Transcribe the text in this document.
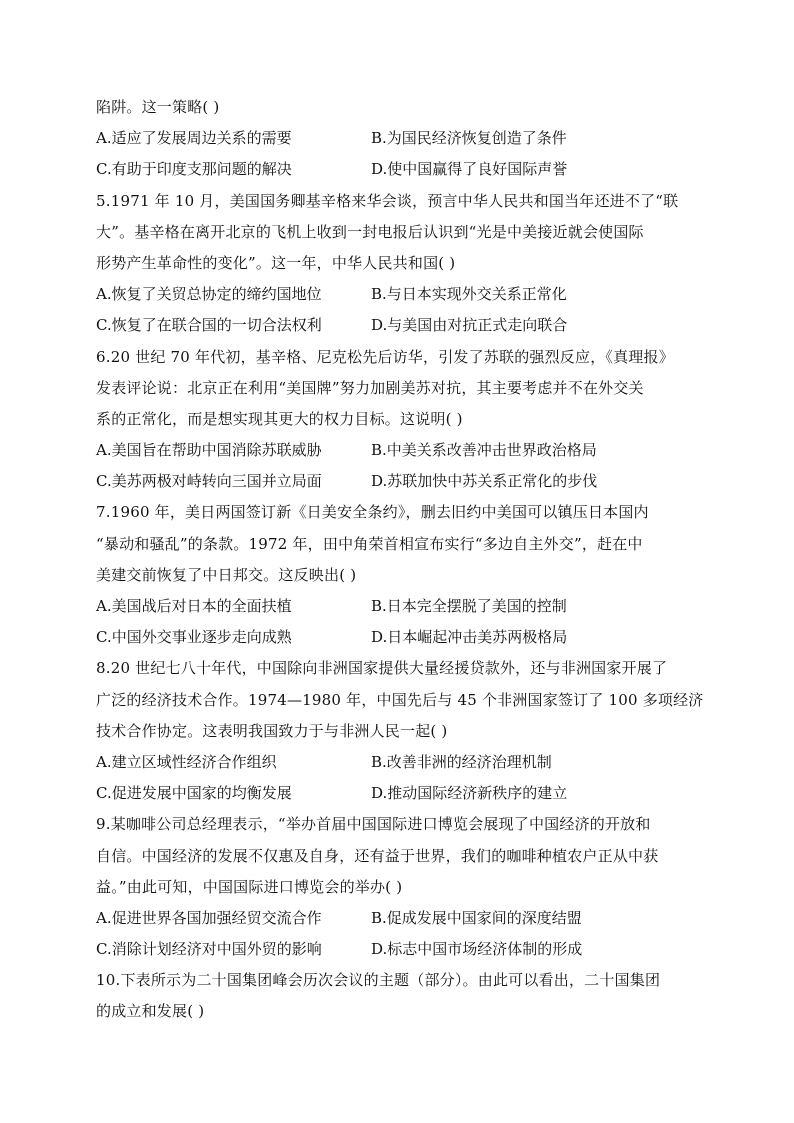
陷阱。这一策略( )
A.适应了发展周边关系的需要	B.为国民经济恢复创造了条件
C.有助于印度支那问题的解决	D.使中国赢得了良好国际声誉
5.1971 年 10 月，美国国务卿基辛格来华会谈，预言中华人民共和国当年还进不了“联
大”。基辛格在离开北京的飞机上收到一封电报后认识到“光是中美接近就会使国际
形势产生革命性的变化”。这一年，中华人民共和国( )
A.恢复了关贸总协定的缔约国地位	B.与日本实现外交关系正常化
C.恢复了在联合国的一切合法权利	D.与美国由对抗正式走向联合
6.20 世纪 70 年代初，基辛格、尼克松先后访华，引发了苏联的强烈反应，《真理报》
发表评论说：北京正在利用“美国牌”努力加剧美苏对抗，其主要考虑并不在外交关
系的正常化，而是想实现其更大的权力目标。这说明( )
A.美国旨在帮助中国消除苏联威胁	B.中美关系改善冲击世界政治格局
C.美苏两极对峙转向三国并立局面	D.苏联加快中苏关系正常化的步伐
7.1960 年，美日两国签订新《日美安全条约》，删去旧约中美国可以镇压日本国内
“暴动和骚乱”的条款。1972 年，田中角荣首相宣布实行“多边自主外交”，赶在中
美建交前恢复了中日邦交。这反映出( )
A.美国战后对日本的全面扶植	B.日本完全摆脱了美国的控制
C.中国外交事业逐步走向成熟	D.日本崛起冲击美苏两极格局
8.20 世纪七八十年代，中国除向非洲国家提供大量经援贷款外，还与非洲国家开展了
广泛的经济技术合作。1974—1980 年，中国先后与 45 个非洲国家签订了 100 多项经济
技术合作协定。这表明我国致力于与非洲人民一起( )
A.建立区域性经济合作组织	B.改善非洲的经济治理机制
C.促进发展中国家的均衡发展	D.推动国际经济新秩序的建立
9.某咖啡公司总经理表示，“举办首届中国国际进口博览会展现了中国经济的开放和
自信。中国经济的发展不仅惠及自身，还有益于世界，我们的咖啡种植农户正从中获
益。”由此可知，中国国际进口博览会的举办( )
A.促进世界各国加强经贸交流合作	B.促成发展中国家间的深度结盟
C.消除计划经济对中国外贸的影响	D.标志中国市场经济体制的形成
10.下表所示为二十国集团峰会历次会议的主题（部分）。由此可以看出，二十国集团
的成立和发展( )
